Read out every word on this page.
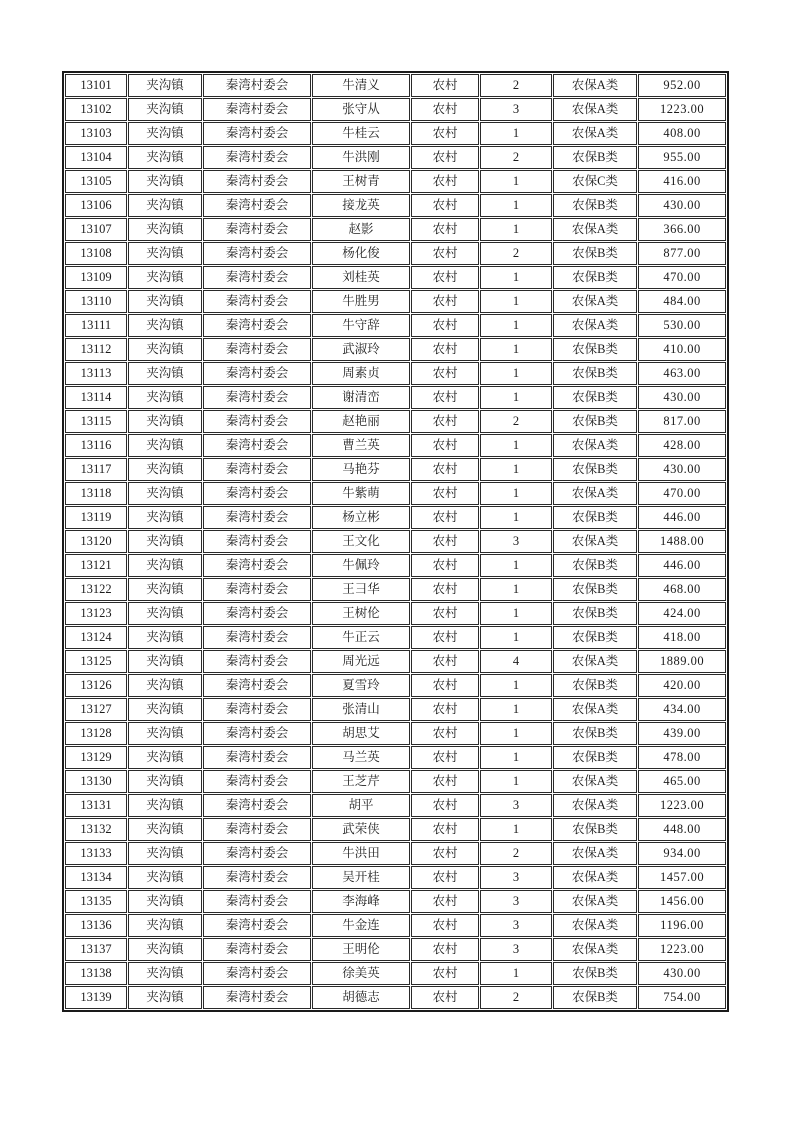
13101	夹沟镇	秦湾村委会	牛清义	农村	2	农保A类	952.00
13102	夹沟镇	秦湾村委会	张守从	农村	3	农保A类	1223.00
13103	夹沟镇	秦湾村委会	牛桂云	农村	1	农保A类	408.00
13104	夹沟镇	秦湾村委会	牛洪刚	农村	2	农保B类	955.00
13105	夹沟镇	秦湾村委会	王树青	农村	1	农保C类	416.00
13106	夹沟镇	秦湾村委会	接龙英	农村	1	农保B类	430.00
13107	夹沟镇	秦湾村委会	赵影	农村	1	农保A类	366.00
13108	夹沟镇	秦湾村委会	杨化俊	农村	2	农保B类	877.00
13109	夹沟镇	秦湾村委会	刘桂英	农村	1	农保B类	470.00
13110	夹沟镇	秦湾村委会	牛胜男	农村	1	农保A类	484.00
13111	夹沟镇	秦湾村委会	牛守辞	农村	1	农保A类	530.00
13112	夹沟镇	秦湾村委会	武淑玲	农村	1	农保B类	410.00
13113	夹沟镇	秦湾村委会	周素贞	农村	1	农保B类	463.00
13114	夹沟镇	秦湾村委会	谢清峦	农村	1	农保B类	430.00
13115	夹沟镇	秦湾村委会	赵艳丽	农村	2	农保B类	817.00
13116	夹沟镇	秦湾村委会	曹兰英	农村	1	农保A类	428.00
13117	夹沟镇	秦湾村委会	马艳芬	农村	1	农保B类	430.00
13118	夹沟镇	秦湾村委会	牛紫萌	农村	1	农保A类	470.00
13119	夹沟镇	秦湾村委会	杨立彬	农村	1	农保B类	446.00
13120	夹沟镇	秦湾村委会	王文化	农村	3	农保A类	1488.00
13121	夹沟镇	秦湾村委会	牛佩玲	农村	1	农保B类	446.00
13122	夹沟镇	秦湾村委会	王彐华	农村	1	农保B类	468.00
13123	夹沟镇	秦湾村委会	王树伦	农村	1	农保B类	424.00
13124	夹沟镇	秦湾村委会	牛正云	农村	1	农保B类	418.00
13125	夹沟镇	秦湾村委会	周光远	农村	4	农保A类	1889.00
13126	夹沟镇	秦湾村委会	夏雪玲	农村	1	农保B类	420.00
13127	夹沟镇	秦湾村委会	张清山	农村	1	农保A类	434.00
13128	夹沟镇	秦湾村委会	胡思艾	农村	1	农保B类	439.00
13129	夹沟镇	秦湾村委会	马兰英	农村	1	农保B类	478.00
13130	夹沟镇	秦湾村委会	王芝芹	农村	1	农保A类	465.00
13131	夹沟镇	秦湾村委会	胡平	农村	3	农保A类	1223.00
13132	夹沟镇	秦湾村委会	武荣侠	农村	1	农保B类	448.00
13133	夹沟镇	秦湾村委会	牛洪田	农村	2	农保A类	934.00
13134	夹沟镇	秦湾村委会	吴开桂	农村	3	农保A类	1457.00
13135	夹沟镇	秦湾村委会	李海峰	农村	3	农保A类	1456.00
13136	夹沟镇	秦湾村委会	牛金连	农村	3	农保A类	1196.00
13137	夹沟镇	秦湾村委会	王明伦	农村	3	农保A类	1223.00
13138	夹沟镇	秦湾村委会	徐美英	农村	1	农保B类	430.00
13139	夹沟镇	秦湾村委会	胡德志	农村	2	农保B类	754.00
